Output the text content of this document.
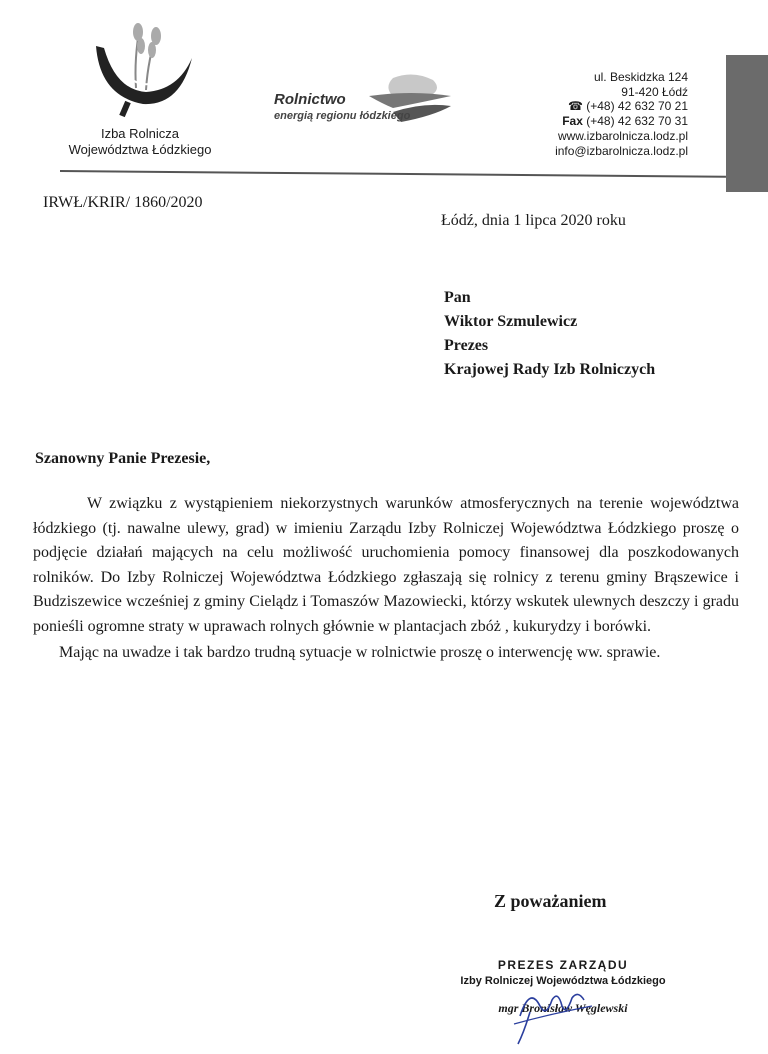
Izba Rolnicza
Województwa Łódzkiego
Rolnictwo
energią regionu łódzkiego
ul. Beskidzka 124
91-420 Łódź
☎ (+48) 42 632 70 21
Fax (+48) 42 632 70 31
www.izbarolnicza.lodz.pl
info@izbarolnicza.lodz.pl
IRWŁ/KRIR/ 1860/2020
Łódź, dnia 1 lipca 2020 roku
Pan
Wiktor Szmulewicz
Prezes
Krajowej Rady Izb Rolniczych
Szanowny Panie Prezesie,

W związku z wystąpieniem niekorzystnych warunków atmosferycznych na terenie województwa łódzkiego (tj. nawalne ulewy, grad) w imieniu Zarządu Izby Rolniczej Województwa Łódzkiego proszę o podjęcie działań mających na celu możliwość uruchomienia pomocy finansowej dla poszkodowanych rolników. Do Izby Rolniczej Województwa Łódzkiego zgłaszają się rolnicy z terenu gminy Brąszewice i Budziszewice wcześniej z gminy Cielądz i Tomaszów Mazowiecki, którzy wskutek ulewnych deszczy i gradu ponieśli ogromne straty w uprawach rolnych głównie w plantacjach zbóż , kukurydzy i borówki.

Mając na uwadze i tak bardzo trudną sytuacje w rolnictwie proszę o interwencję ww. sprawie.

Z poważaniem
PREZES ZARZĄDU
Izby Rolniczej Województwa Łódzkiego
mgr Bronisław Węglewski
